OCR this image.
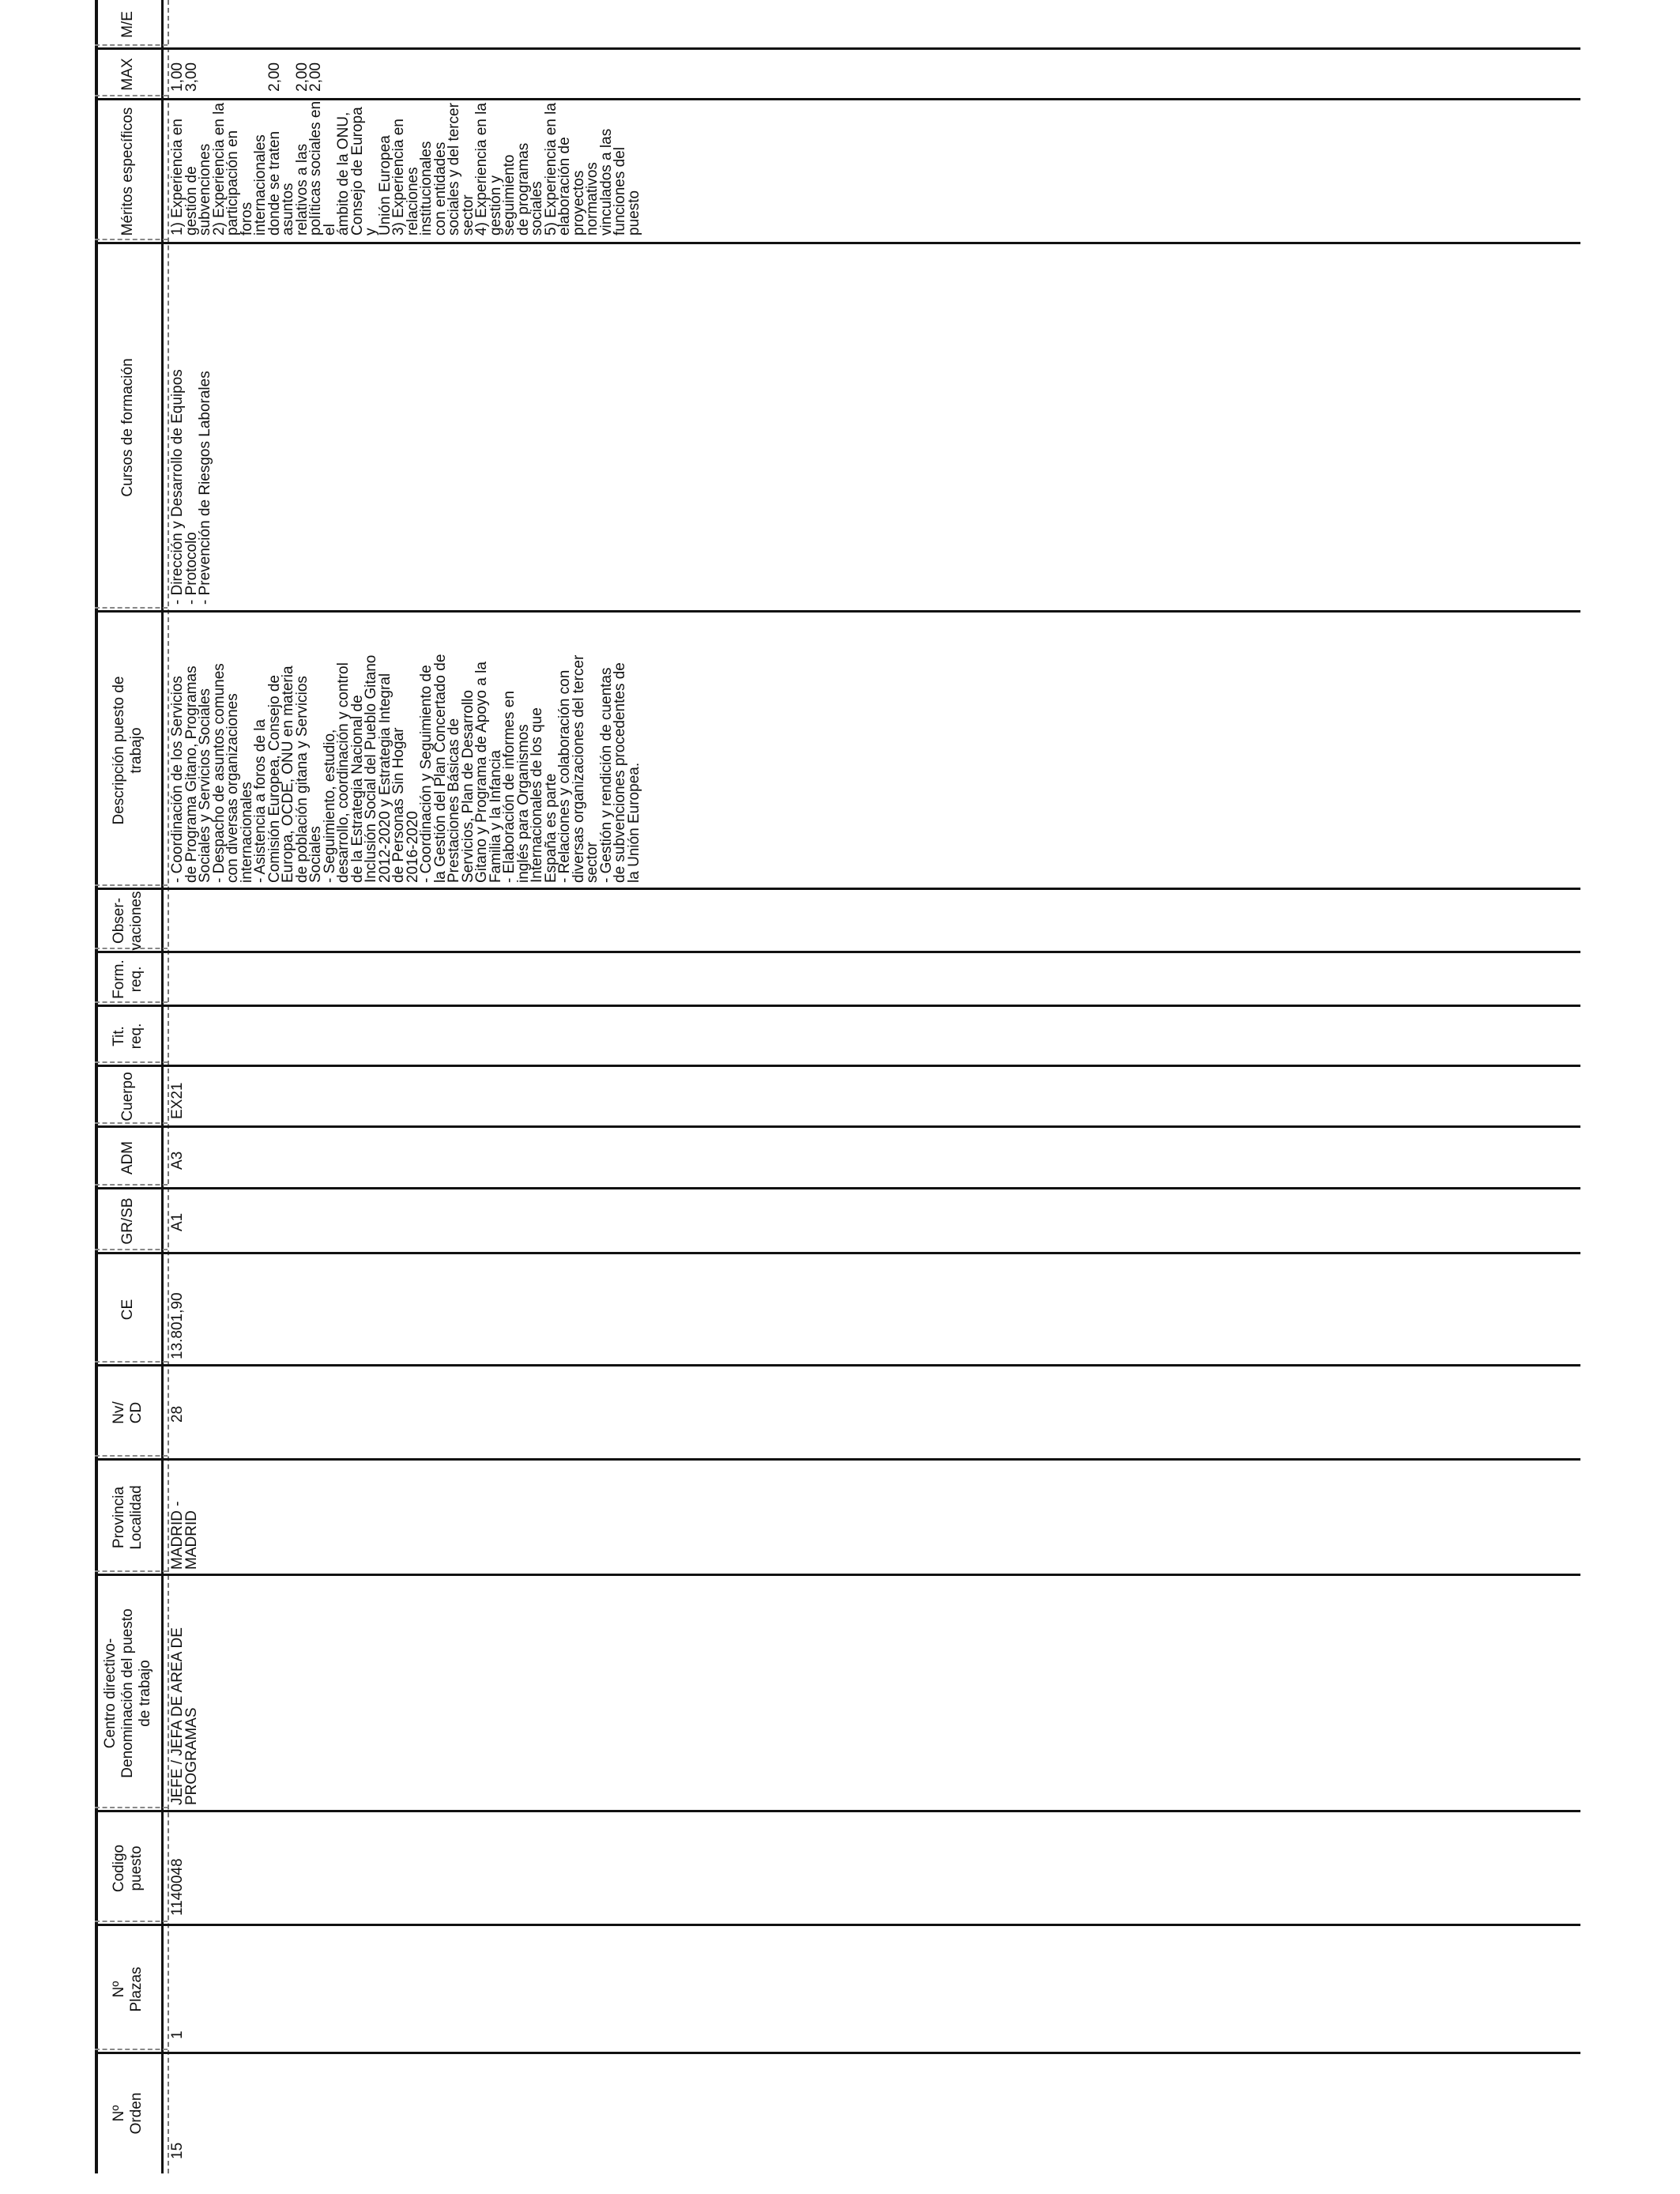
Nº
Orden
Nº
Plazas
Codigo
puesto
Centro directivo-
Denominación del puesto
de trabajo
Provincia
Localidad
Nv/
CD
CE
GR/SB
ADM
Cuerpo
Tit.
req.
Form.
req.
Obser-
vaciones
Descripción puesto de
trabajo
Cursos de formación
Méritos específicos
MAX
M/E
15
1
1140048
JEFE / JEFA DE AREA DE
PROGRAMAS
MADRID -
MADRID
28
13.801,90
A1
A3
EX21
- Coordinación de los Servicios
de Programa Gitano, Programas
Sociales y Servicios Sociales
- Despacho de asuntos comunes
con diversas organizaciones
internacionales
- Asistencia a foros de la
Comisión Europea, Consejo de
Europa, OCDE, ONU en materia
de población gitana y Servicios
Sociales
- Seguimiento, estudio,
desarrollo, coordinación y control
de la Estrategia Nacional de
Inclusión Social del Pueblo Gitano
2012-2020 y Estrategia Integral
de Personas Sin Hogar
2016-2020
- Coordinación y Seguimiento de
la Gestión del Plan Concertado de
Prestaciones Básicas de
Servicios, Plan de Desarrollo
Gitano y Programa de Apoyo a la
Familia y la Infancia
- Elaboración de informes en
inglés para Organismos
Internacionales de los que
España es parte
- Relaciones y colaboración con
diversas organizaciones del tercer
sector
- Gestión y rendición de cuentas
de subvenciones procedentes de
la Unión Europea.
- Dirección y Desarrollo de Equipos
- Protocolo
- Prevención de Riesgos Laborales
1) Experiencia en gestión de subvenciones
2) Experiencia en la participación en foros
internacionales donde se traten asuntos
relativos a las políticas sociales en el
ámbito de la ONU, Consejo de Europa y
Unión Europea
3) Experiencia en relaciones institucionales
con entidades sociales y del tercer sector
4) Experiencia en la gestión y seguimiento
de programas sociales
5) Experiencia en la elaboración de
proyectos normativos vinculados a las
funciones del puesto
1,00
3,00	2,00 2,00
2,00
